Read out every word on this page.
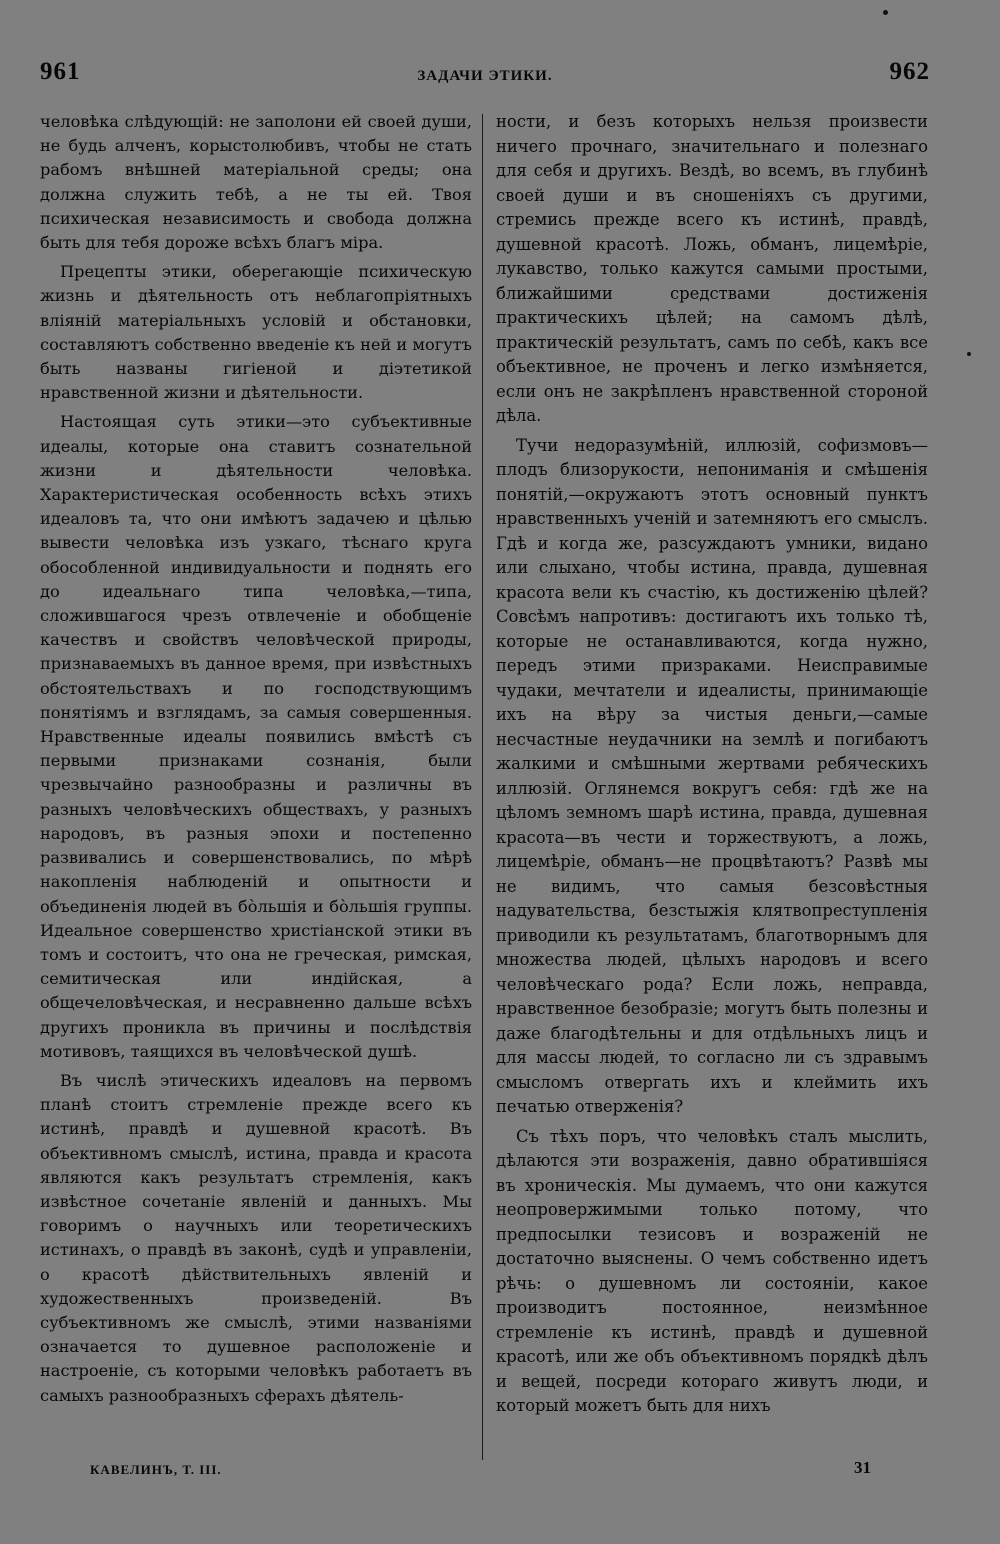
961	ЗАДАЧИ ЭТИКИ.	962

человѣка слѣдующій: не заполони ей своей души, не будь алченъ, корыстолюбивъ, чтобы не стать рабомъ внѣшней матеріальной среды; она должна служить тебѣ, а не ты ей. Твоя психическая независимость и свобода должна быть для тебя дороже всѣхъ благъ міра.

Прецепты этики, оберегающіе психическую жизнь и дѣятельность отъ неблагопріятныхъ вліяній матеріальныхъ условій и обстановки, составляютъ собственно введеніе къ ней и могутъ быть названы гигіеной и діэтетикой нравственной жизни и дѣятельности.

Настоящая суть этики—это субъективные идеалы, которые она ставитъ сознательной жизни и дѣятельности человѣка. Характеристическая особенность всѣхъ этихъ идеаловъ та, что они имѣютъ задачею и цѣлью вывести человѣка изъ узкаго, тѣснаго круга обособленной индивидуальности и поднять его до идеальнаго типа человѣка,—типа, сложившагося чрезъ отвлеченіе и обобщеніе качествъ и свойствъ человѣческой природы, признаваемыхъ въ данное время, при извѣстныхъ обстоятельствахъ и по господствующимъ понятіямъ и взглядамъ, за самыя совершенныя. Нравственные идеалы появились вмѣстѣ съ первыми признаками сознанія, были чрезвычайно разнообразны и различны въ разныхъ человѣческихъ обществахъ, у разныхъ народовъ, въ разныя эпохи и постепенно развивались и совершенствовались, по мѣрѣ накопленія наблюденій и опытности и объединенія людей въ бо̀льшія и бо̀льшія группы. Идеальное совершенство христіанской этики въ томъ и состоитъ, что она не греческая, римская, семитическая или индійская, а общечеловѣческая, и несравненно дальше всѣхъ другихъ проникла въ причины и послѣдствія мотивовъ, таящихся въ человѣческой душѣ.

Въ числѣ этическихъ идеаловъ на первомъ планѣ стоитъ стремленіе прежде всего къ истинѣ, правдѣ и душевной красотѣ. Въ объективномъ смыслѣ, истина, правда и красота являются какъ результатъ стремленія, какъ извѣстное сочетаніе явленій и данныхъ. Мы говоримъ о научныхъ или теоретическихъ истинахъ, о правдѣ въ законѣ, судѣ и управленіи, о красотѣ дѣйствительныхъ явленій и художественныхъ произведеній. Въ субъективномъ же смыслѣ, этими названіями означается то душевное расположеніе и настроеніе, съ которыми человѣкъ работаетъ въ самыхъ разнообразныхъ сферахъ дѣятель-

ности, и безъ которыхъ нельзя произвести ничего прочнаго, значительнаго и полезнаго для себя и другихъ. Вездѣ, во всемъ, въ глубинѣ своей души и въ сношеніяхъ съ другими, стремись прежде всего къ истинѣ, правдѣ, душевной красотѣ. Ложь, обманъ, лицемѣріе, лукавство, только кажутся самыми простыми, ближайшими средствами достиженія практическихъ цѣлей; на самомъ дѣлѣ, практическій результатъ, самъ по себѣ, какъ все объективное, не проченъ и легко измѣняется, если онъ не закрѣпленъ нравственной стороной дѣла.

Тучи недоразумѣній, иллюзій, софизмовъ—плодъ близорукости, непониманія и смѣшенія понятій,—окружаютъ этотъ основный пунктъ нравственныхъ ученій и затемняютъ его смыслъ. Гдѣ и когда же, разсуждаютъ умники, видано или слыхано, чтобы истина, правда, душевная красота вели къ счастію, къ достиженію цѣлей? Совсѣмъ напротивъ: достигаютъ ихъ только тѣ, которые не останавливаются, когда нужно, передъ этими призраками. Неисправимые чудаки, мечтатели и идеалисты, принимающіе ихъ на вѣру за чистыя деньги,—самые несчастные неудачники на землѣ и погибаютъ жалкими и смѣшными жертвами ребяческихъ иллюзій. Оглянемся вокругъ себя: гдѣ же на цѣломъ земномъ шарѣ истина, правда, душевная красота—въ чести и торжествуютъ, а ложь, лицемѣріе, обманъ—не процвѣтаютъ? Развѣ мы не видимъ, что самыя безсовѣстныя надувательства, безстыжія клятвопреступленія приводили къ результатамъ, благотворнымъ для множества людей, цѣлыхъ народовъ и всего человѣческаго рода? Если ложь, неправда, нравственное безобразіе; могутъ быть полезны и даже благодѣтельны и для отдѣльныхъ лицъ и для массы людей, то согласно ли съ здравымъ смысломъ отвергать ихъ и клеймить ихъ печатью отверженія?

Съ тѣхъ поръ, что человѣкъ сталъ мыслить, дѣлаются эти возраженія, давно обратившіяся въ хроническія. Мы думаемъ, что они кажутся неопровержимыми только потому, что предпосылки тезисовъ и возраженій не достаточно выяснены. О чемъ собственно идетъ рѣчь: о душевномъ ли состояніи, какое производитъ постоянное, неизмѣнное стремленіе къ истинѣ, правдѣ и душевной красотѣ, или же объ объективномъ порядкѣ дѣлъ и вещей, посреди котораго живутъ люди, и который можетъ быть для нихъ

КАВЕЛИНЪ, Т. III.	31
